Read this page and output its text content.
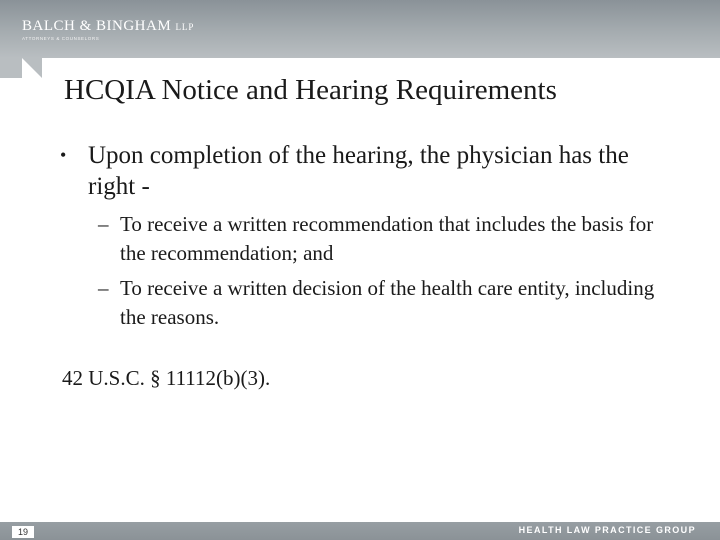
BALCH & BINGHAM LLP
ATTORNEYS & COUNSELORS
HCQIA Notice and Hearing Requirements
• Upon completion of the hearing, the physician has the right -
– To receive a written recommendation that includes the basis for the recommendation; and
– To receive a written decision of the health care entity, including the reasons.
42 U.S.C. § 11112(b)(3).
19	HEALTH LAW PRACTICE GROUP
